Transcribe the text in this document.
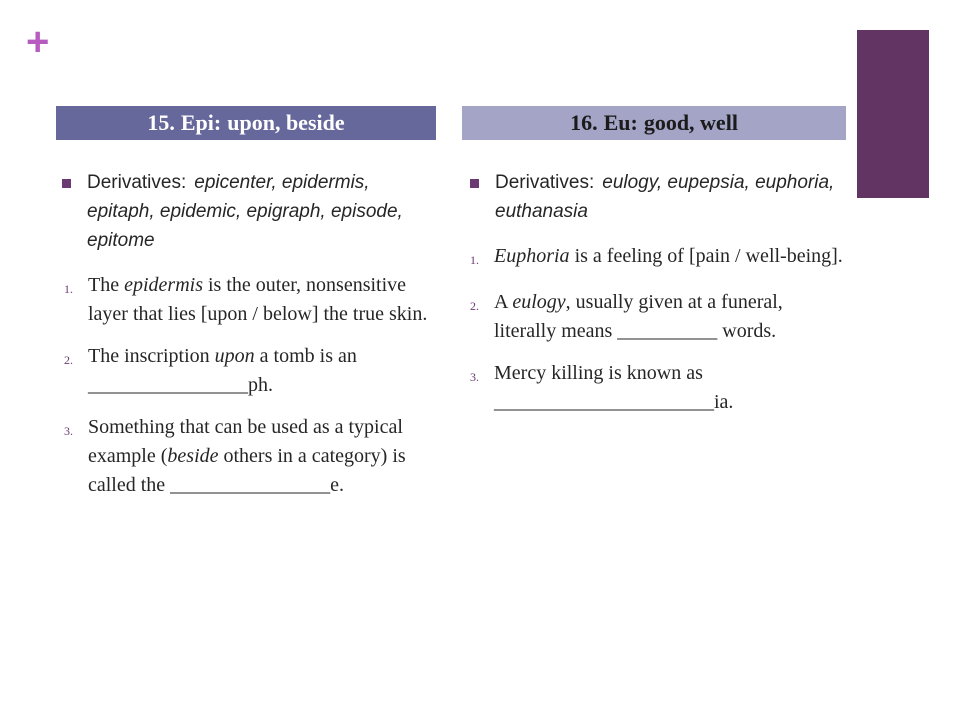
+
15. Epi: upon, beside	16. Eu: good, well
Derivatives: epicenter, epidermis, epitaph, epidemic, epigraph, episode, epitome
1. The epidermis is the outer, nonsensitive layer that lies [upon / below] the true skin.
2. The inscription upon a tomb is an ________________ph.
3. Something that can be used as a typical example (beside others in a category) is called the ________________e.
Derivatives: eulogy, eupepsia, euphoria, euthanasia
1. Euphoria is a feeling of [pain / well-being].
2. A eulogy, usually given at a funeral, literally means __________ words.
3. Mercy killing is known as ______________________ia.
